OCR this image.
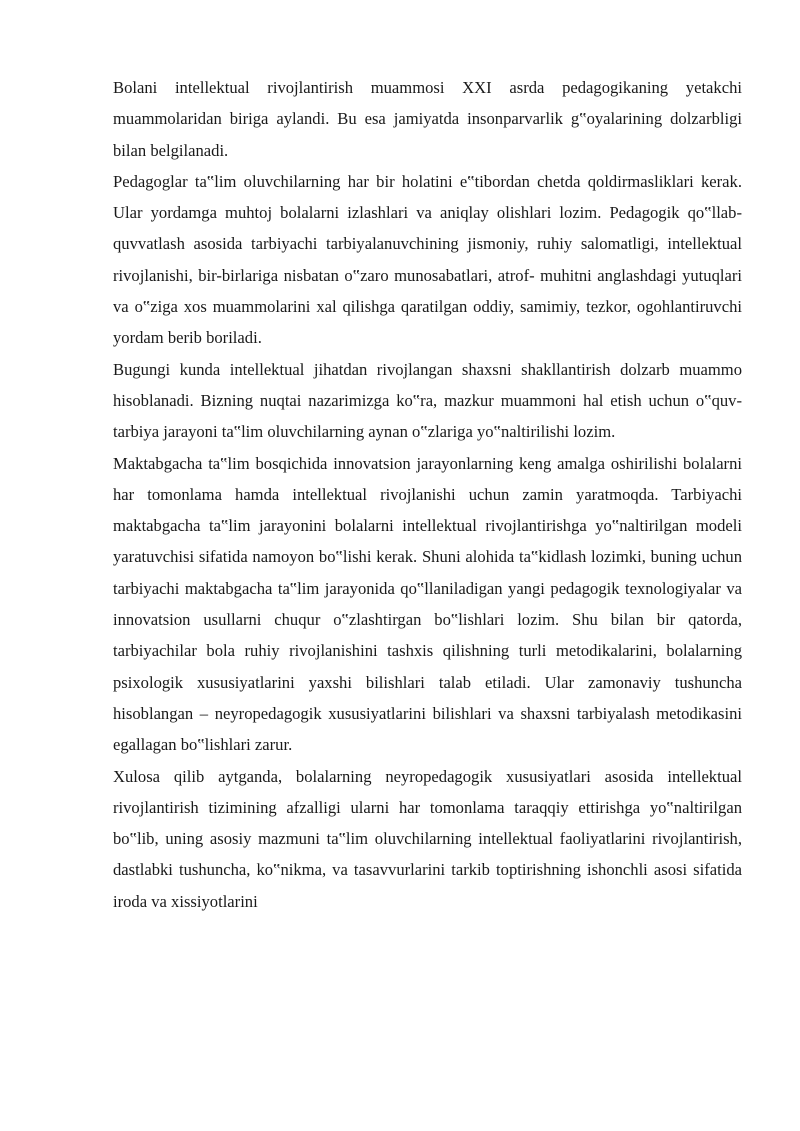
Bolani intellektual rivojlantirish muammosi XXI asrda pedagogikaning yetakchi muammolaridan biriga aylandi. Bu esa jamiyatda insonparvarlik g‟oyalarining dolzarbligi bilan belgilanadi.

Pedagoglar ta‟lim oluvchilarning har bir holatini e‟tibordan chetda qoldirmasliklari kerak. Ular yordamga muhtoj bolalarni izlashlari va aniqlay olishlari lozim. Pedagogik qo‟llab- quvvatlash asosida tarbiyachi tarbiyalanuvchining jismoniy, ruhiy salomatligi, intellektual rivojlanishi, bir-birlariga nisbatan o‟zaro munosabatlari, atrof- muhitni anglashdagi yutuqlari va o‟ziga xos muammolarini xal qilishga qaratilgan oddiy, samimiy, tezkor, ogohlantiruvchi yordam berib boriladi.

Bugungi kunda intellektual jihatdan rivojlangan shaxsni shakllantirish dolzarb muammo hisoblanadi. Bizning nuqtai nazarimizga ko‟ra, mazkur muammoni hal etish uchun o‟quv- tarbiya jarayoni ta‟lim oluvchilarning aynan o‟zlariga yo‟naltirilishi lozim.

Maktabgacha ta‟lim bosqichida innovatsion jarayonlarning keng amalga oshirilishi bolalarni har tomonlama hamda intellektual rivojlanishi uchun zamin yaratmoqda. Tarbiyachi maktabgacha ta‟lim jarayonini bolalarni intellektual rivojlantirishga yo‟naltirilgan modeli yaratuvchisi sifatida namoyon bo‟lishi kerak. Shuni alohida ta‟kidlash lozimki, buning uchun tarbiyachi maktabgacha ta‟lim jarayonida qo‟llaniladigan yangi pedagogik texnologiyalar va innovatsion usullarni chuqur o‟zlashtirgan bo‟lishlari lozim. Shu bilan bir qatorda, tarbiyachilar bola ruhiy rivojlanishini tashxis qilishning turli metodikalarini, bolalarning psixologik xususiyatlarini yaxshi bilishlari talab etiladi. Ular zamonaviy tushuncha hisoblangan – neyropedagogik xususiyatlarini bilishlari va shaxsni tarbiyalash metodikasini egallagan bo‟lishlari zarur.

Xulosa qilib aytganda, bolalarning neyropedagogik xususiyatlari asosida intellektual rivojlantirish tizimining afzalligi ularni har tomonlama taraqqiy ettirishga yo‟naltirilgan bo‟lib, uning asosiy mazmuni ta‟lim oluvchilarning intellektual faoliyatlarini rivojlantirish, dastlabki tushuncha, ko‟nikma, va tasavvurlarini tarkib toptirishning ishonchli asosi sifatida iroda va xissiyotlarini
